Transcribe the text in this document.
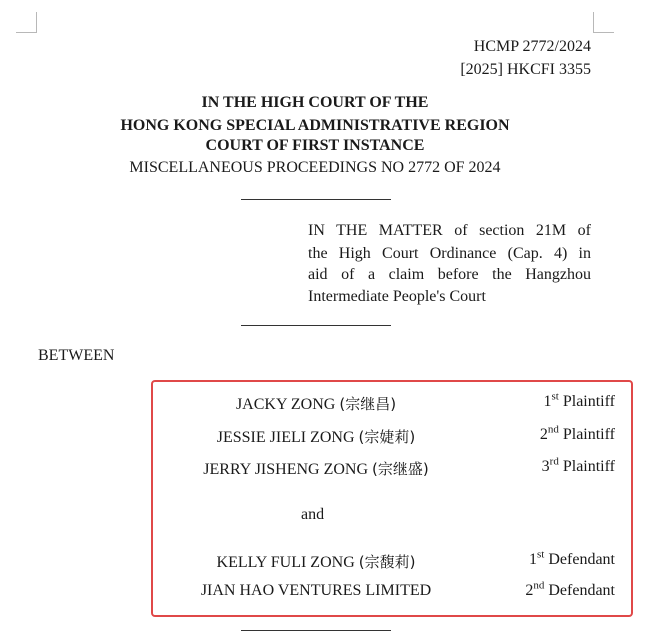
HCMP 2772/2024
[2025] HKCFI 3355
IN THE HIGH COURT OF THE
HONG KONG SPECIAL ADMINISTRATIVE REGION
COURT OF FIRST INSTANCE
MISCELLANEOUS PROCEEDINGS NO 2772 OF 2024
IN THE MATTER of section 21M of
the High Court Ordinance (Cap. 4) in
aid of a claim before the Hangzhou
Intermediate People's Court
BETWEEN
JACKY ZONG (宗继昌)	1st Plaintiff
JESSIE JIELI ZONG (宗婕莉)	2nd Plaintiff
JERRY JISHENG ZONG (宗继盛)	3rd Plaintiff
and
KELLY FULI ZONG (宗馥莉)	1st Defendant
JIAN HAO VENTURES LIMITED	2nd Defendant
